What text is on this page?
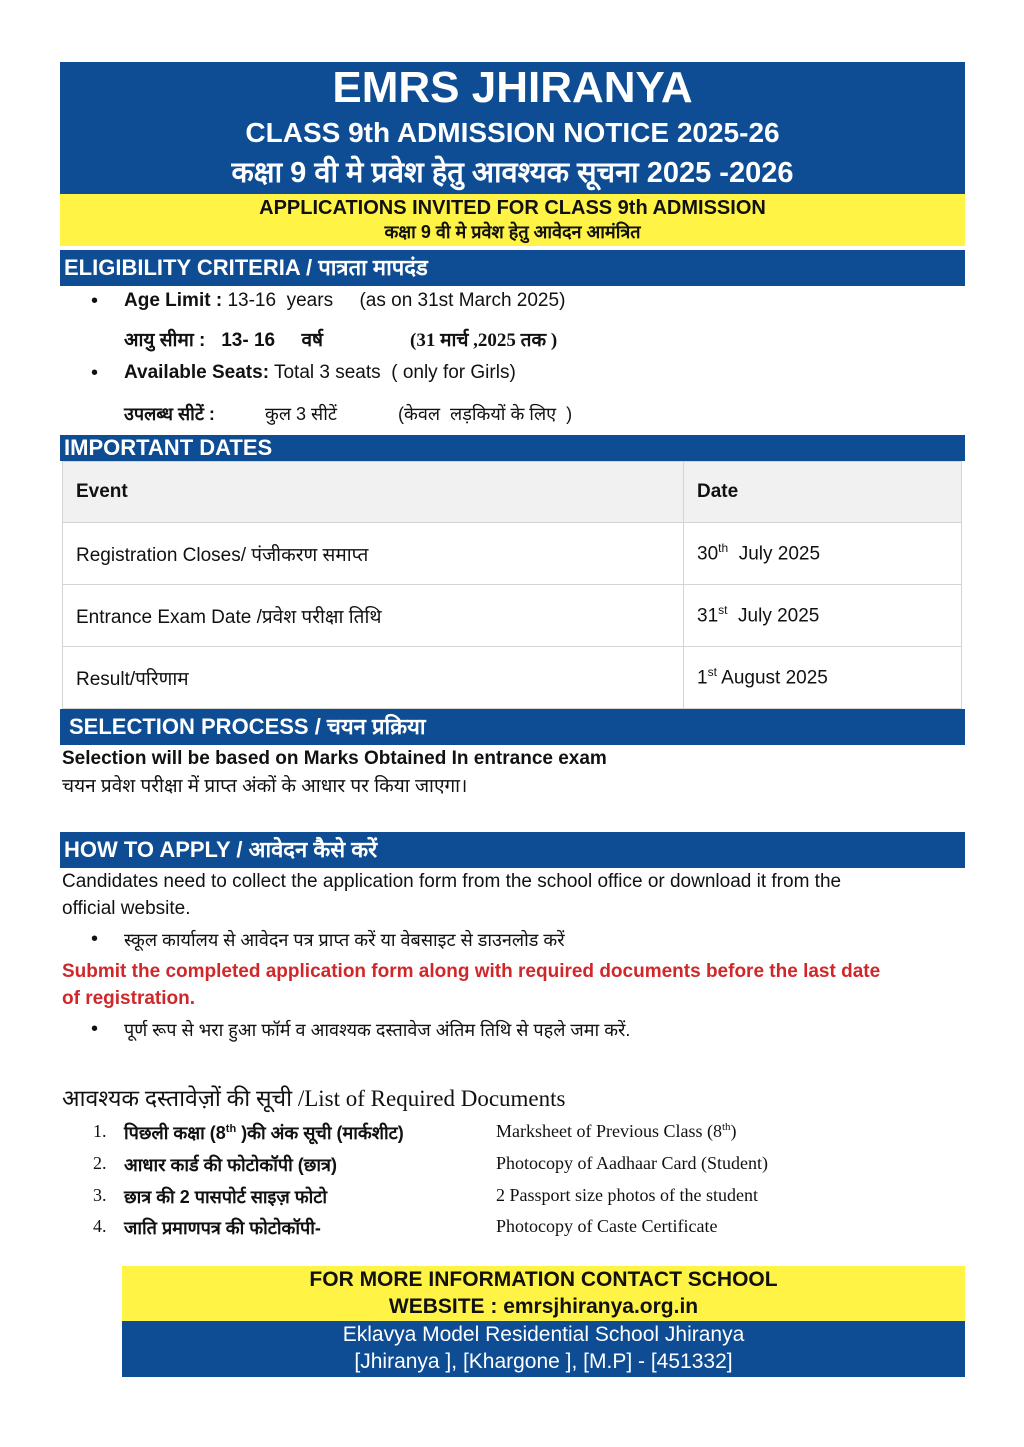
EMRS JHIRANYA
CLASS 9th ADMISSION NOTICE 2025-26
कक्षा 9 वी मे प्रवेश हेतु आवश्यक सूचना 2025 -2026
APPLICATIONS INVITED FOR CLASS 9th ADMISSION
कक्षा 9 वी मे प्रवेश हेतु आवेदन आमंत्रित
ELIGIBILITY CRITERIA / पात्रता मापदंड
• Age Limit : 13-16  years     (as on 31st March 2025)
आयु सीमा :   13- 16     वर्ष	(31 मार्च ,2025 तक )
• Available Seats: Total 3 seats  ( only for Girls)
उपलब्ध सीटें :	कुल 3 सीटें	(केवल  लड़कियों के लिए  )
IMPORTANT DATES
Event	Date
Registration Closes/ पंजीकरण समाप्त	30th  July 2025
Entrance Exam Date /प्रवेश परीक्षा तिथि	31st  July 2025
Result/परिणाम	1st August 2025
SELECTION PROCESS / चयन प्रक्रिया
Selection will be based on Marks Obtained In entrance exam
चयन प्रवेश परीक्षा में प्राप्त अंकों के आधार पर किया जाएगा।
HOW TO APPLY / आवेदन कैसे करें
Candidates need to collect the application form from the school office or download it from the
official website.
• स्कूल कार्यालय से आवेदन पत्र प्राप्त करें या वेबसाइट से डाउनलोड करें
Submit the completed application form along with required documents before the last date
of registration.
• पूर्ण रूप से भरा हुआ फॉर्म व आवश्यक दस्तावेज अंतिम तिथि से पहले जमा करें.
आवश्यक दस्तावेज़ों की सूची /List of Required Documents
1. पिछली कक्षा (8th )की अंक सूची (मार्कशीट)	Marksheet of Previous Class (8th)
2. आधार कार्ड की फोटोकॉपी (छात्र)	Photocopy of Aadhaar Card (Student)
3. छात्र की 2 पासपोर्ट साइज़ फोटो	2 Passport size photos of the student
4. जाति प्रमाणपत्र की फोटोकॉपी-	Photocopy of Caste Certificate
FOR MORE INFORMATION CONTACT SCHOOL
WEBSITE : emrsjhiranya.org.in
Eklavya Model Residential School Jhiranya
[Jhiranya ], [Khargone ], [M.P] - [451332]
